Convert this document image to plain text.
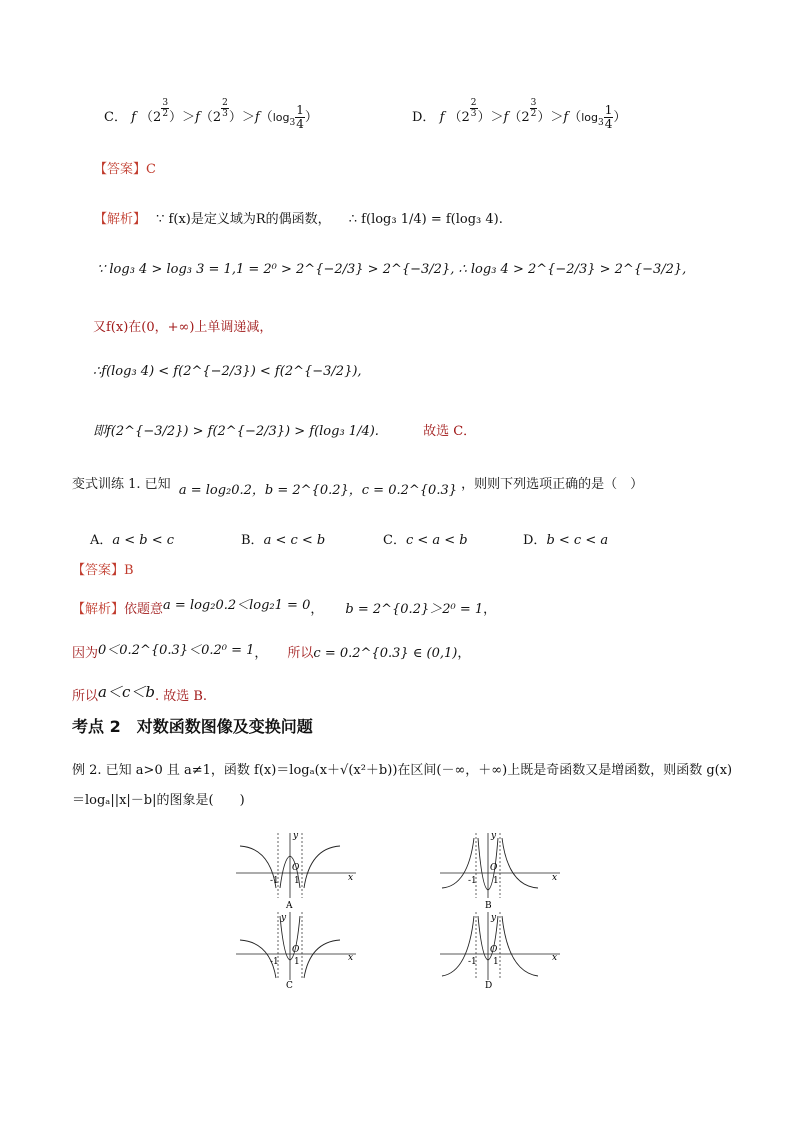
C． f （2 $^{\frac{3}{2}}$ ）＞f（2 $^{\frac{2}{3}}$ ）$>f(\log_3 \frac{1}{4}$ ）	D． f （2 $^{\frac{2}{3}}$ ）＞f（2 $^{\frac{3}{2}}$ ）$>f(\log_3 \frac{1}{4}$ ）
【答案】C
【解析】 ∵ f(x)是定义域为R的偶函数， ∴ f(log₃ 1/4) = f(log₃ 4).
∵ log₃ 4 > log₃ 3 = 1,1 = 2⁰ > 2^{−2/3} > 2^{−3/2}, ∴ log₃ 4 > 2^{−2/3} > 2^{−3/2},
又f(x)在(0，+∞)上单调递减，
∴f(log₃ 4) < f(2^{−2/3}) < f(2^{−3/2}),
即f(2^{−3/2}) > f(2^{−2/3}) > f(log₃ 1/4).	故选 C．
变式训练 1. 已知 a = log₂0.2，b = 2^{0.2}，c = 0.2^{0.3} ，则则下列选项正确的是（　）
A．a < b < c	B．a < c < b	C．c < a < b	D．b < c < a
【答案】B
【解析】依题意a = log₂0.2＜log₂1 = 0， b = 2^{0.2}＞2⁰ = 1，
因为0＜0.2^{0.3}＜0.2⁰ = 1， 所以c = 0.2^{0.3} ∈ (0,1)，
所以a＜c＜b. 故选 B.
考点 2　对数函数图像及变换问题
例 2. 已知 a>0 且 a≠1，函数 f(x)＝logₐ(x＋√(x²＋b))在区间(－∞，＋∞)上既是奇函数又是增函数，则函数 g(x)
＝logₐ||x|－b|的图象是(　　)
x
y
O
-1 1
A
x
y
O
-1 1
B
x
y
O
-1 1
C
x
y
O
-1 1
D
